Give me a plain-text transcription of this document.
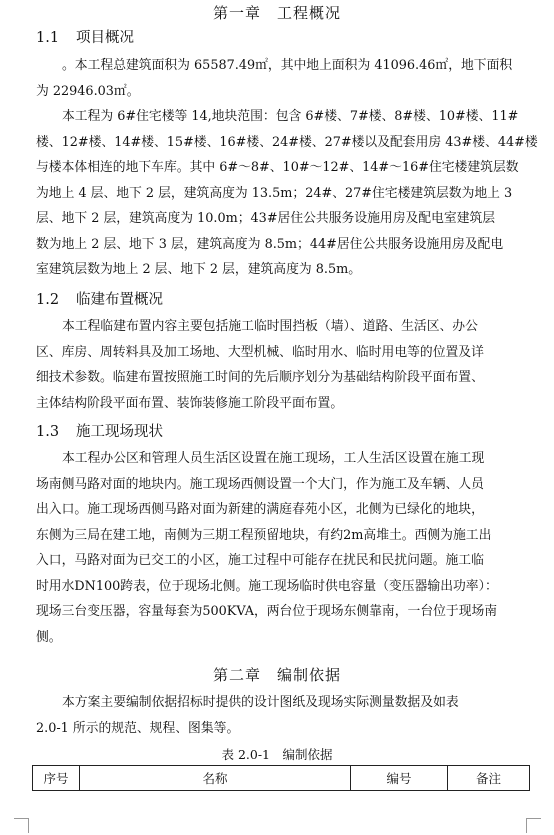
第一章　工程概况
1.1 项目概况
。本工程总建筑面积为 65587.49㎡，其中地上面积为 41096.46㎡，地下面积
为 22946.03㎡。
本工程为 6#住宅楼等 14,地块范围：包含 6#楼、7#楼、8#楼、10#楼、11#
楼、12#楼、14#楼、15#楼、16#楼、24#楼、27#楼以及配套用房 43#楼、44#楼
与楼本体相连的地下车库。其中 6#～8#、10#～12#、14#～16#住宅楼建筑层数
为地上 4 层、地下 2 层，建筑高度为 13.5m；24#、27#住宅楼建筑层数为地上 3
层、地下 2 层，建筑高度为 10.0m；43#居住公共服务设施用房及配电室建筑层
数为地上 2 层、地下 3 层，建筑高度为 8.5m；44#居住公共服务设施用房及配电
室建筑层数为地上 2 层、地下 2 层，建筑高度为 8.5m。
1.2 临建布置概况
本工程临建布置内容主要包括施工临时围挡板（墙）、道路、生活区、办公
区、库房、周转料具及加工场地、大型机械、临时用水、临时用电等的位置及详
细技术参数。临建布置按照施工时间的先后顺序划分为基础结构阶段平面布置、
主体结构阶段平面布置、装饰装修施工阶段平面布置。
1.3 施工现场现状
本工程办公区和管理人员生活区设置在施工现场，工人生活区设置在施工现
场南侧马路对面的地块内。施工现场西侧设置一个大门，作为施工及车辆、人员
出入口。施工现场西侧马路对面为新建的满庭春苑小区，北侧为已绿化的地块，
东侧为三局在建工地，南侧为三期工程预留地块，有约2m高堆土。西侧为施工出
入口，马路对面为已交工的小区，施工过程中可能存在扰民和民扰问题。施工临
时用水DN100跨表，位于现场北侧。施工现场临时供电容量（变压器输出功率）：
现场三台变压器，容量每套为500KVA，两台位于现场东侧靠南，一台位于现场南
侧。
第二章　编制依据
本方案主要编制依据招标时提供的设计图纸及现场实际测量数据及如表
2.0-1 所示的规范、规程、图集等。
表 2.0-1　编制依据
序号	名称	编号	备注
